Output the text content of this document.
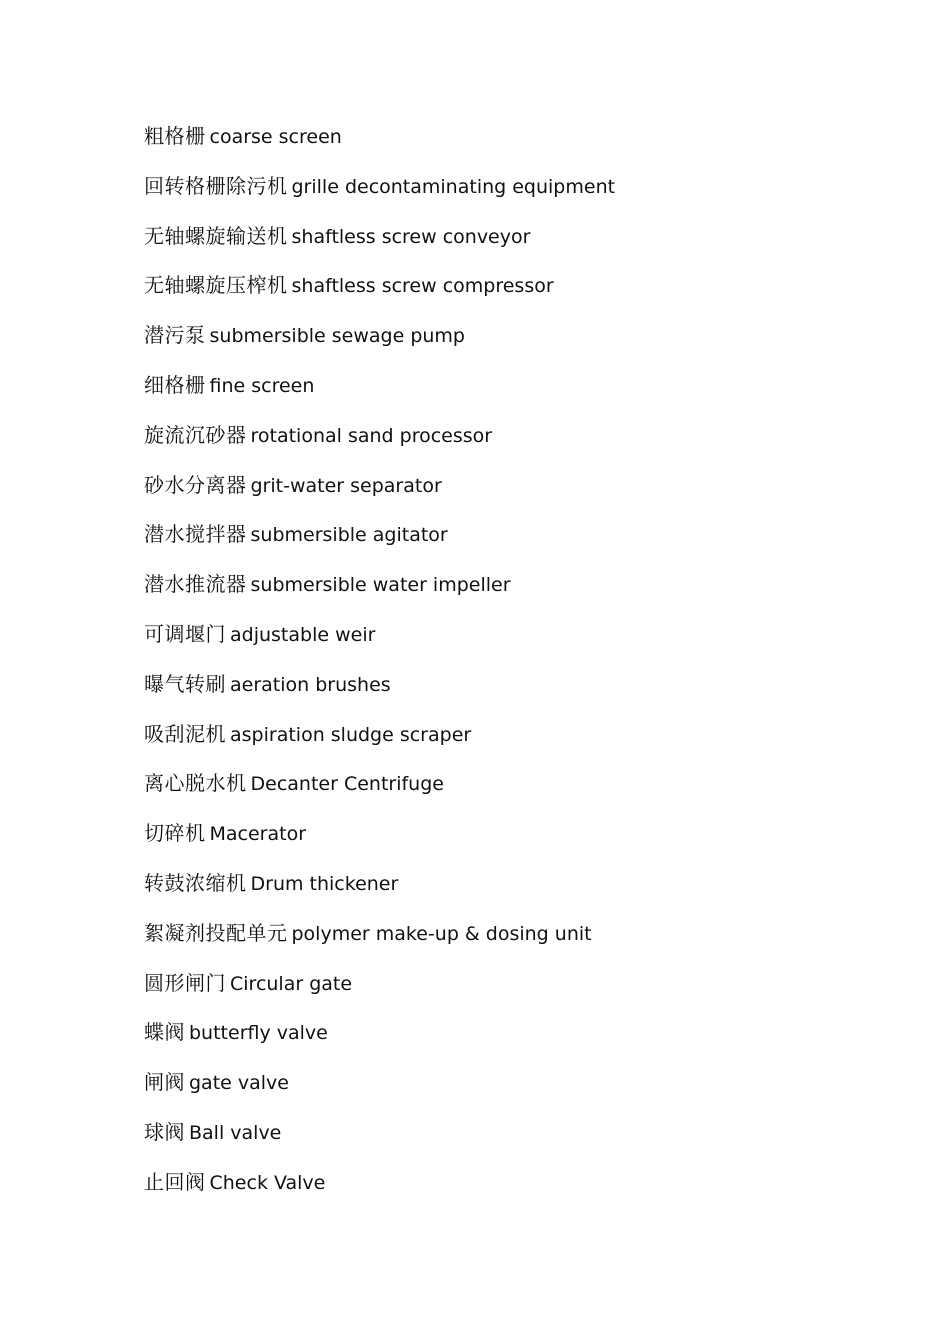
粗格栅 coarse screen
回转格栅除污机 grille decontaminating equipment
无轴螺旋输送机 shaftless screw conveyor
无轴螺旋压榨机 shaftless screw compressor
潜污泵 submersible sewage pump
细格栅 fine screen
旋流沉砂器 rotational sand processor
砂水分离器 grit-water separator
潜水搅拌器 submersible agitator
潜水推流器 submersible water impeller
可调堰门 adjustable weir
曝气转刷 aeration brushes
吸刮泥机 aspiration sludge scraper
离心脱水机 Decanter Centrifuge
切碎机 Macerator
转鼓浓缩机 Drum thickener
絮凝剂投配单元 polymer make-up & dosing unit
圆形闸门 Circular gate
蝶阀 butterfly valve
闸阀 gate valve
球阀 Ball valve
止回阀 Check Valve
